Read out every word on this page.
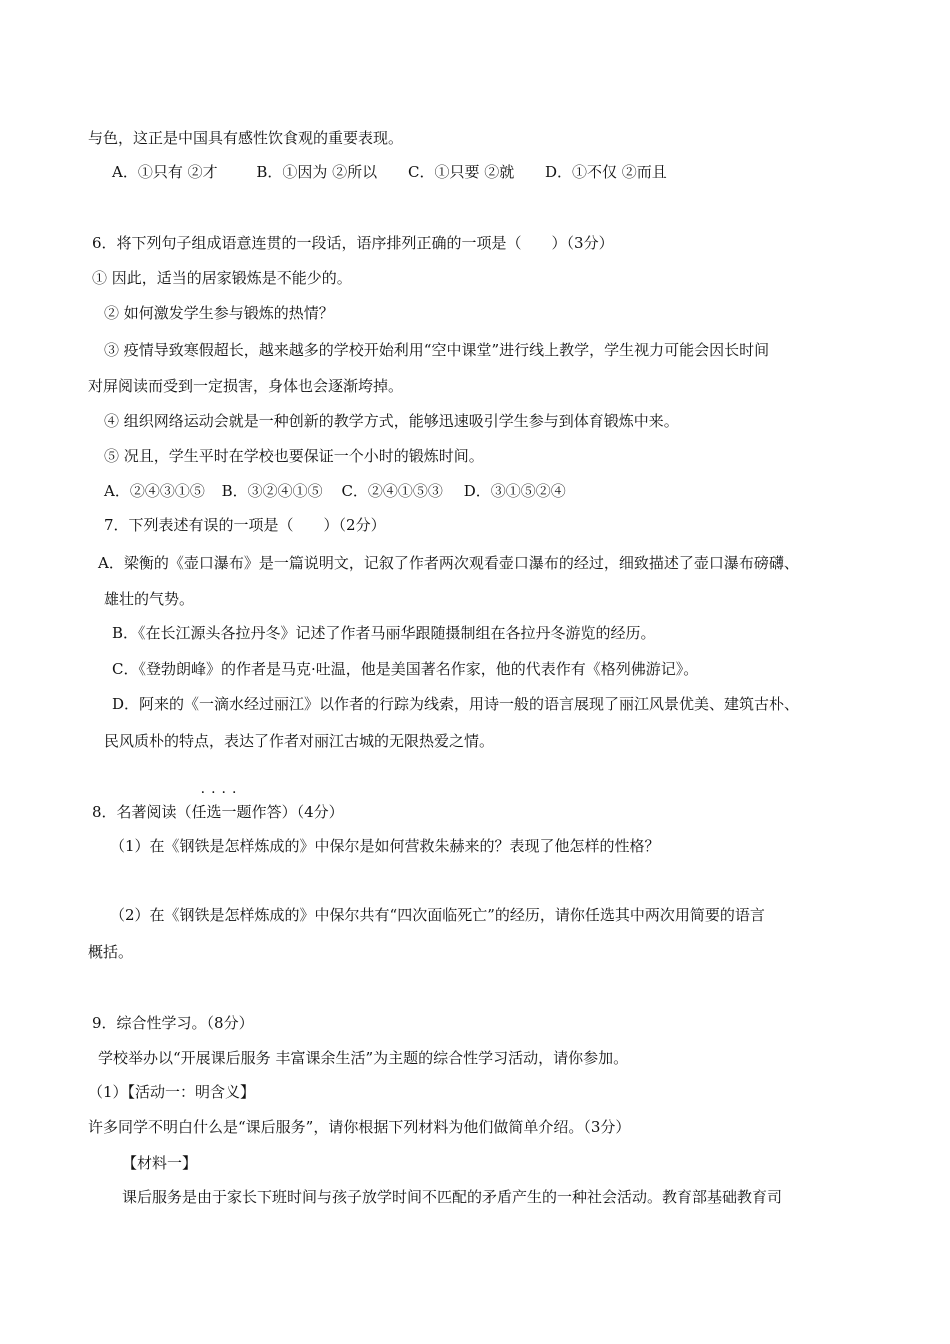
与色，这正是中国具有感性饮食观的重要表现。
A．①只有 ②才	B．①因为 ②所以 C．①只要 ②就 D．①不仅 ②而且
6．将下列句子组成语意连贯的一段话，语序排列正确的一项是（　　）（3分）
① 因此，适当的居家锻炼是不能少的。
② 如何激发学生参与锻炼的热情？
③ 疫情导致寒假超长，越来越多的学校开始利用“空中课堂”进行线上教学，学生视力可能会因长时间
对屏阅读而受到一定损害，身体也会逐渐垮掉。
④ 组织网络运动会就是一种创新的教学方式，能够迅速吸引学生参与到体育锻炼中来。
⑤ 况且，学生平时在学校也要保证一个小时的锻炼时间。
A．②④③①⑤ B．③②④①⑤ C．②④①⑤③ D．③①⑤②④
7．下列表述有误的一项是（　　）（2分）
A．梁衡的《壶口瀑布》是一篇说明文，记叙了作者两次观看壶口瀑布的经过，细致描述了壶口瀑布磅礴、
雄壮的气势。
B．《在长江源头各拉丹冬》记述了作者马丽华跟随摄制组在各拉丹冬游览的经历。
C．《登勃朗峰》的作者是马克·吐温，他是美国著名作家，他的代表作有《格列佛游记》。
D．阿来的《一滴水经过丽江》以作者的行踪为线索，用诗一般的语言展现了丽江风景优美、建筑古朴、
民风质朴的特点，表达了作者对丽江古城的无限热爱之情。
8．名著阅读（
····
任选一题作答）（4分）
（1）在《钢铁是怎样炼成的》中保尔是如何营救朱赫来的？表现了他怎样的性格？
（2）在《钢铁是怎样炼成的》中保尔共有“四次面临死亡”的经历，请你任选其中两次用简要的语言
概括。
9．综合性学习。（8分）
学校举办以“开展课后服务 丰富课余生活”为主题的综合性学习活动，请你参加。
（1）【活动一：明含义】
许多同学不明白什么是“课后服务”，请你根据下列材料为他们做简单介绍。（3分）
【材料一】
课后服务是由于家长下班时间与孩子放学时间不匹配的矛盾产生的一种社会活动。教育部基础教育司
